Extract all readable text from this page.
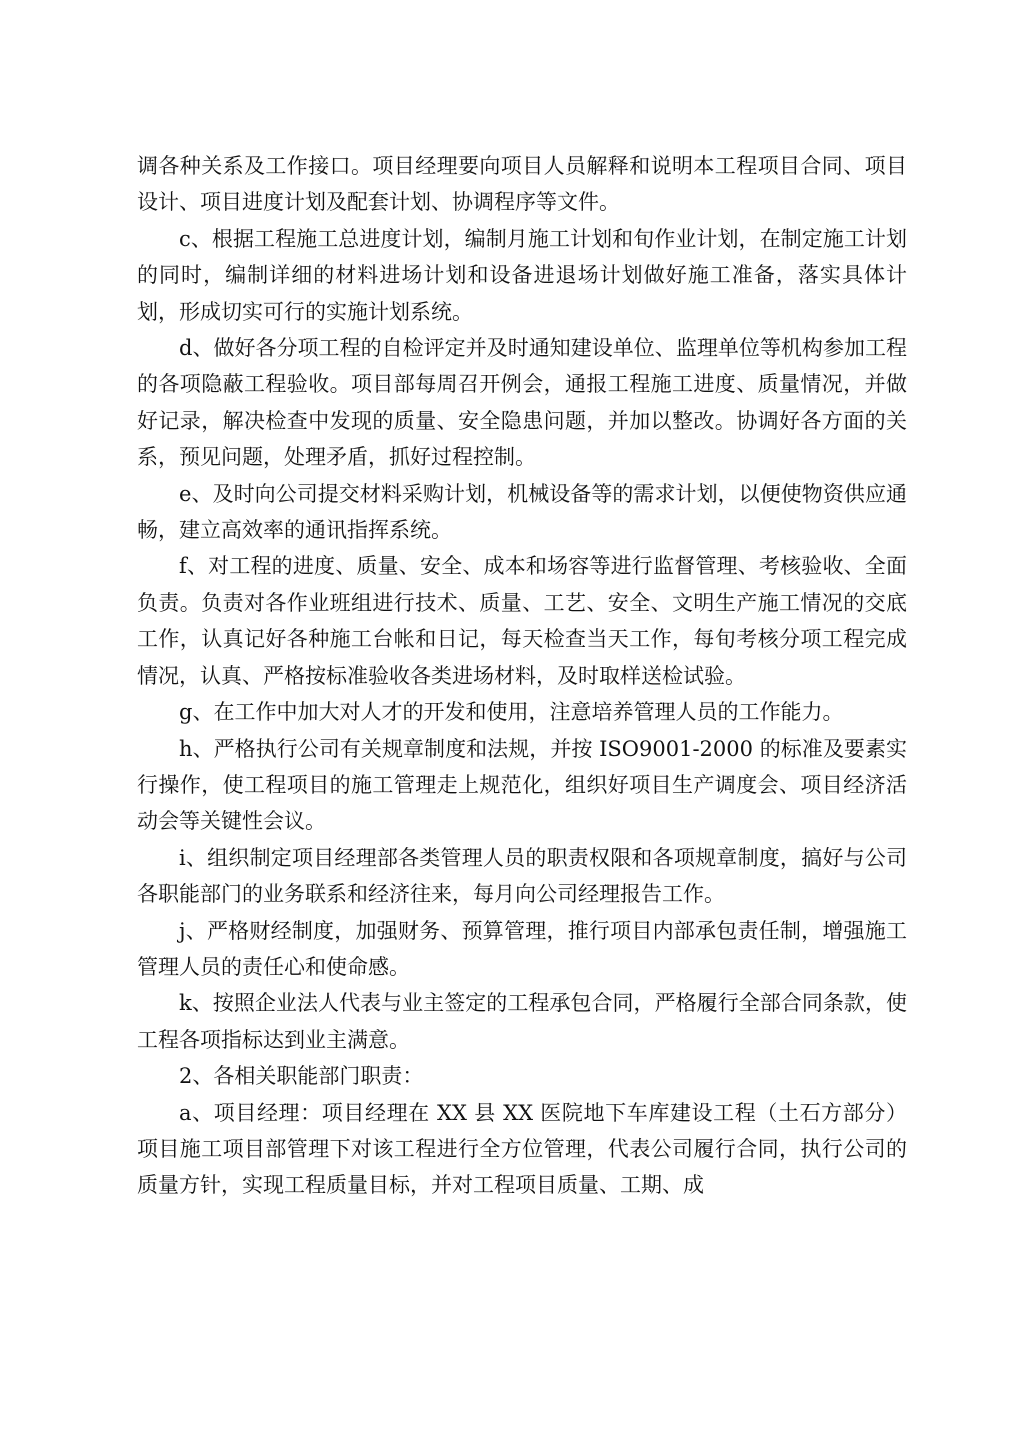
调各种关系及工作接口。项目经理要向项目人员解释和说明本工程项目合同、项目设计、项目进度计划及配套计划、协调程序等文件。

c、根据工程施工总进度计划，编制月施工计划和旬作业计划，在制定施工计划的同时，编制详细的材料进场计划和设备进退场计划做好施工准备，落实具体计划，形成切实可行的实施计划系统。

d、做好各分项工程的自检评定并及时通知建设单位、监理单位等机构参加工程的各项隐蔽工程验收。项目部每周召开例会，通报工程施工进度、质量情况，并做好记录，解决检查中发现的质量、安全隐患问题，并加以整改。协调好各方面的关系，预见问题，处理矛盾，抓好过程控制。

e、及时向公司提交材料采购计划，机械设备等的需求计划，以便使物资供应通畅，建立高效率的通讯指挥系统。

f、对工程的进度、质量、安全、成本和场容等进行监督管理、考核验收、全面负责。负责对各作业班组进行技术、质量、工艺、安全、文明生产施工情况的交底工作，认真记好各种施工台帐和日记，每天检查当天工作，每旬考核分项工程完成情况，认真、严格按标准验收各类进场材料，及时取样送检试验。

g、在工作中加大对人才的开发和使用，注意培养管理人员的工作能力。

h、严格执行公司有关规章制度和法规，并按 ISO9001-2000 的标准及要素实行操作，使工程项目的施工管理走上规范化，组织好项目生产调度会、项目经济活动会等关键性会议。

i、组织制定项目经理部各类管理人员的职责权限和各项规章制度，搞好与公司各职能部门的业务联系和经济往来，每月向公司经理报告工作。

j、严格财经制度，加强财务、预算管理，推行项目内部承包责任制，增强施工管理人员的责任心和使命感。

k、按照企业法人代表与业主签定的工程承包合同，严格履行全部合同条款，使工程各项指标达到业主满意。

2、各相关职能部门职责：

a、项目经理：项目经理在 XX 县 XX 医院地下车库建设工程（土石方部分）项目施工项目部管理下对该工程进行全方位管理，代表公司履行合同，执行公司的质量方针，实现工程质量目标，并对工程项目质量、工期、成
